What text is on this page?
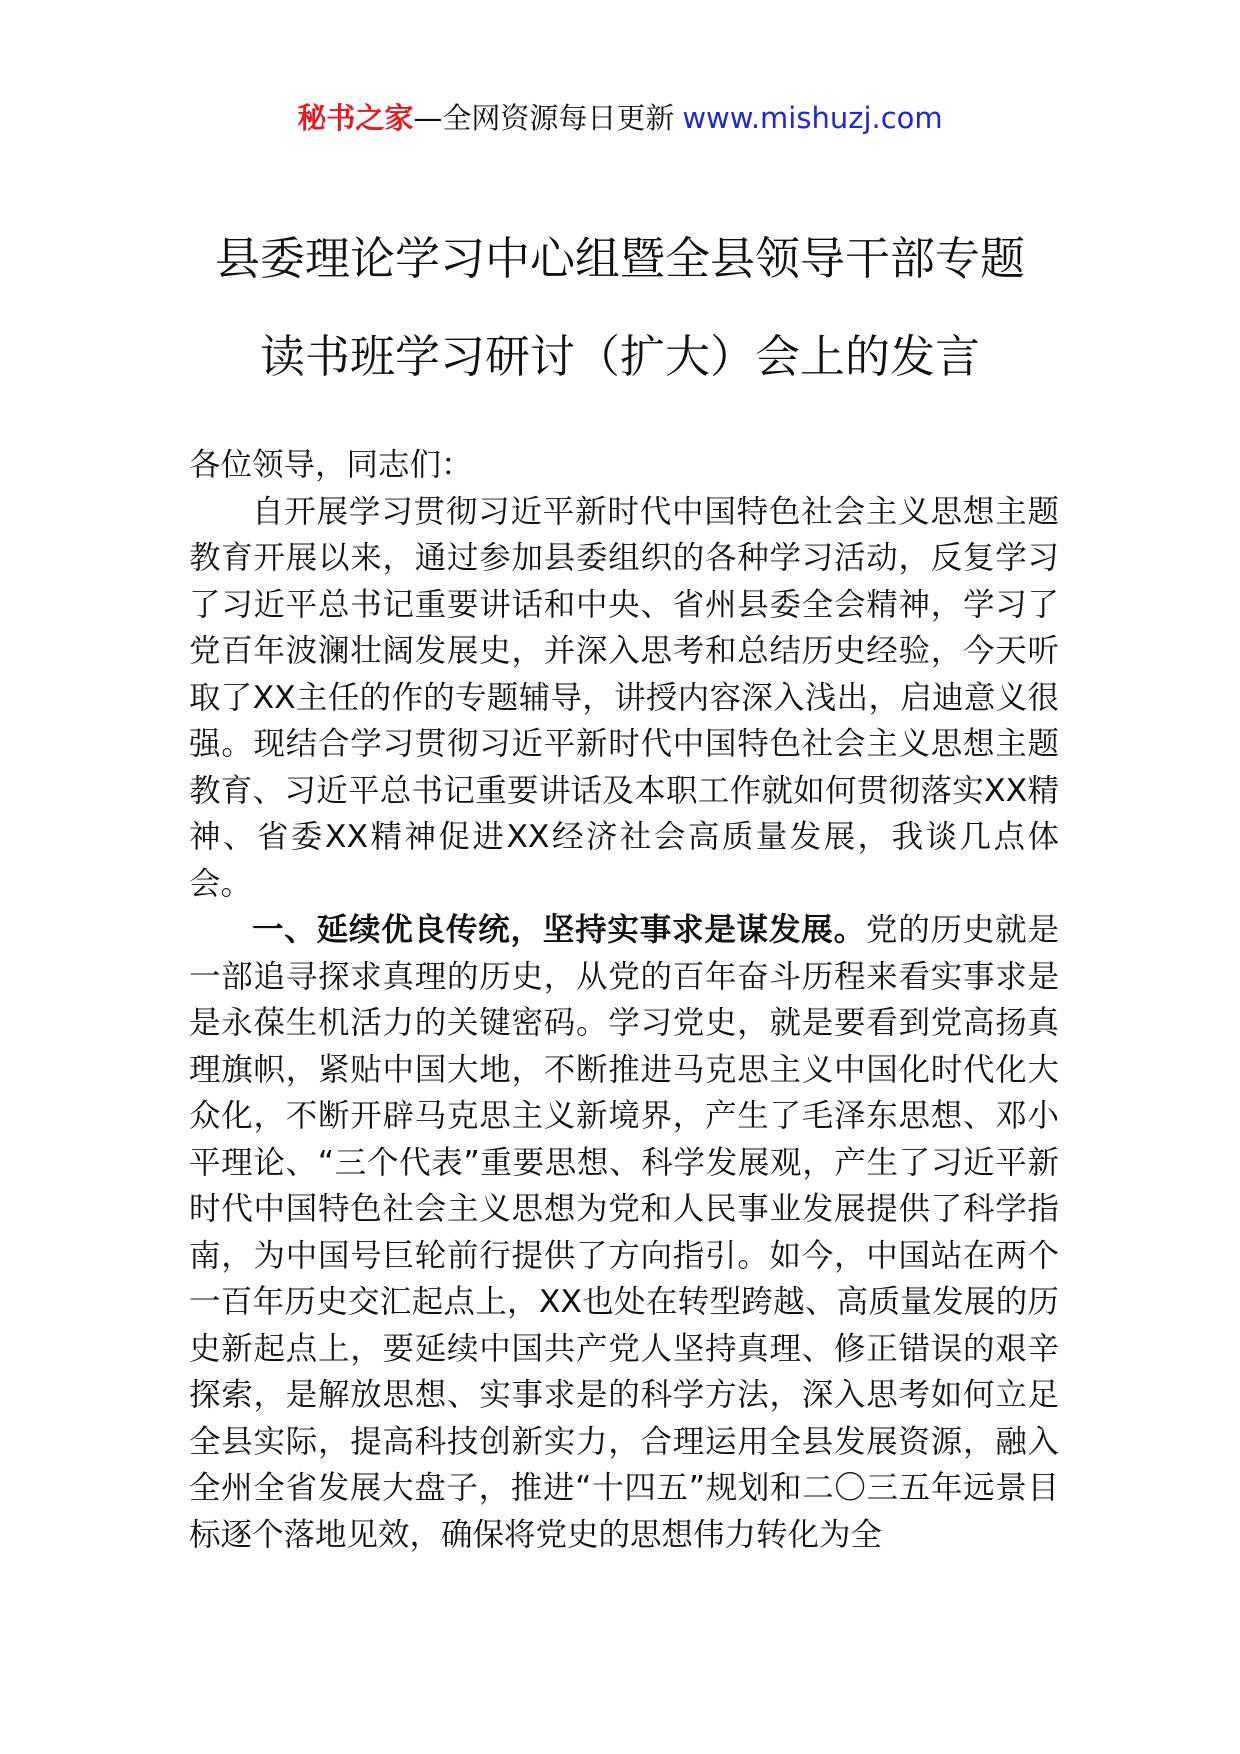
秘书之家—全网资源每日更新 www.mishuzj.com
县委理论学习中心组暨全县领导干部专题
读书班学习研讨（扩大）会上的发言

各位领导，同志们：

自开展学习贯彻习近平新时代中国特色社会主义思想主题教育开展以来，通过参加县委组织的各种学习活动，反复学习了习近平总书记重要讲话和中央、省州县委全会精神，学习了党百年波澜壮阔发展史，并深入思考和总结历史经验，今天听取了XX主任的作的专题辅导，讲授内容深入浅出，启迪意义很强。现结合学习贯彻习近平新时代中国特色社会主义思想主题教育、习近平总书记重要讲话及本职工作就如何贯彻落实XX精神、省委XX精神促进XX经济社会高质量发展，我谈几点体会。

一、延续优良传统，坚持实事求是谋发展。党的历史就是一部追寻探求真理的历史，从党的百年奋斗历程来看实事求是是永葆生机活力的关键密码。学习党史，就是要看到党高扬真理旗帜，紧贴中国大地，不断推进马克思主义中国化时代化大众化，不断开辟马克思主义新境界，产生了毛泽东思想、邓小平理论、“三个代表”重要思想、科学发展观，产生了习近平新时代中国特色社会主义思想为党和人民事业发展提供了科学指南，为中国号巨轮前行提供了方向指引。如今，中国站在两个一百年历史交汇起点上，XX也处在转型跨越、高质量发展的历史新起点上，要延续中国共产党人坚持真理、修正错误的艰辛探索，是解放思想、实事求是的科学方法，深入思考如何立足全县实际，提高科技创新实力，合理运用全县发展资源，融入全州全省发展大盘子，推进“十四五”规划和二〇三五年远景目标逐个落地见效，确保将党史的思想伟力转化为全
